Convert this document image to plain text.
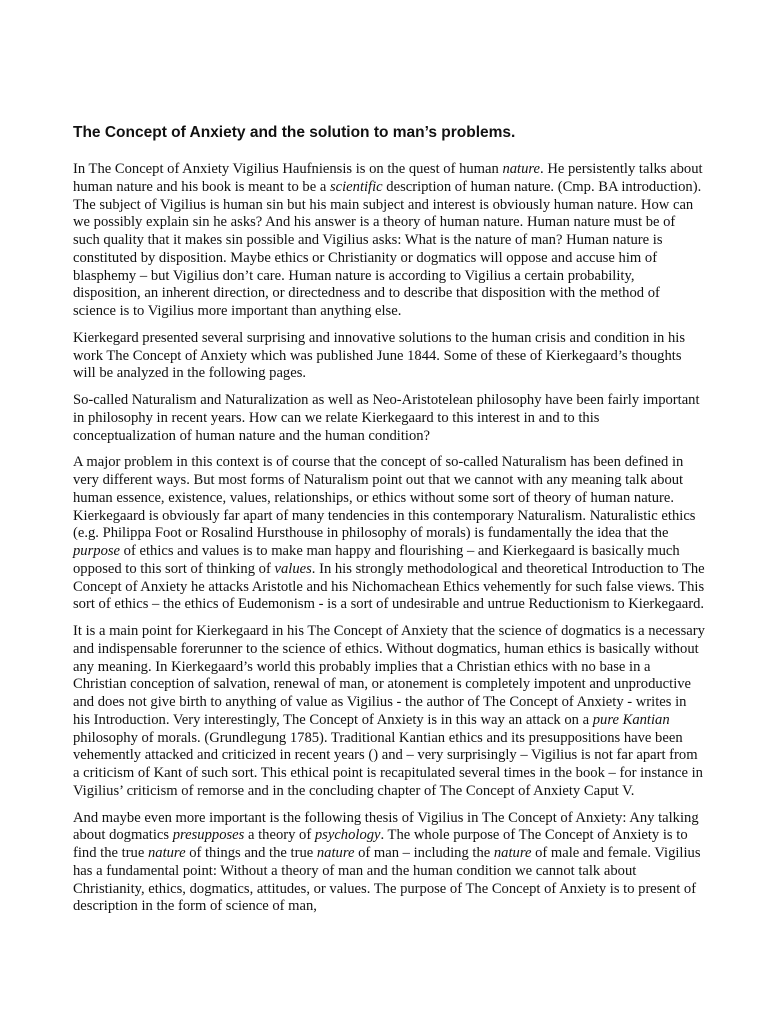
The Concept of Anxiety and the solution to man’s problems.

In The Concept of Anxiety Vigilius Haufniensis is on the quest of human nature. He persistently talks about human nature and his book is meant to be a scientific description of human nature. (Cmp. BA introduction). The subject of Vigilius is human sin but his main subject and interest is obviously human nature. How can we possibly explain sin he asks? And his answer is a theory of human nature. Human nature must be of such quality that it makes sin possible and Vigilius asks: What is the nature of man? Human nature is constituted by disposition. Maybe ethics or Christianity or dogmatics will oppose and accuse him of blasphemy – but Vigilius don’t care. Human nature is according to Vigilius a certain probability, disposition, an inherent direction, or directedness and to describe that disposition with the method of science is to Vigilius more important than anything else.

Kierkegard presented several surprising and innovative solutions to the human crisis and condition in his work The Concept of Anxiety which was published June 1844. Some of these of Kierkegaard’s thoughts will be analyzed in the following pages.

So-called Naturalism and Naturalization as well as Neo-Aristotelean philosophy have been fairly important in philosophy in recent years. How can we relate Kierkegaard to this interest in and to this conceptualization of human nature and the human condition?

A major problem in this context is of course that the concept of so-called Naturalism has been defined in very different ways. But most forms of Naturalism point out that we cannot with any meaning talk about human essence, existence, values, relationships, or ethics without some sort of theory of human nature. Kierkegaard is obviously far apart of many tendencies in this contemporary Naturalism. Naturalistic ethics (e.g. Philippa Foot or Rosalind Hursthouse in philosophy of morals) is fundamentally the idea that the purpose of ethics and values is to make man happy and flourishing – and Kierkegaard is basically much opposed to this sort of thinking of values. In his strongly methodological and theoretical Introduction to The Concept of Anxiety he attacks Aristotle and his Nichomachean Ethics vehemently for such false views. This sort of ethics – the ethics of Eudemonism - is a sort of undesirable and untrue Reductionism to Kierkegaard.

It is a main point for Kierkegaard in his The Concept of Anxiety that the science of dogmatics is a necessary and indispensable forerunner to the science of ethics. Without dogmatics, human ethics is basically without any meaning. In Kierkegaard’s world this probably implies that a Christian ethics with no base in a Christian conception of salvation, renewal of man, or atonement is completely impotent and unproductive and does not give birth to anything of value as Vigilius - the author of The Concept of Anxiety - writes in his Introduction. Very interestingly, The Concept of Anxiety is in this way an attack on a pure Kantian philosophy of morals. (Grundlegung 1785). Traditional Kantian ethics and its presuppositions have been vehemently attacked and criticized in recent years () and – very surprisingly – Vigilius is not far apart from a criticism of Kant of such sort. This ethical point is recapitulated several times in the book – for instance in Vigilius’ criticism of remorse and in the concluding chapter of The Concept of Anxiety Caput V.

And maybe even more important is the following thesis of Vigilius in The Concept of Anxiety: Any talking about dogmatics presupposes a theory of psychology. The whole purpose of The Concept of Anxiety is to find the true nature of things and the true nature of man – including the nature of male and female. Vigilius has a fundamental point: Without a theory of man and the human condition we cannot talk about Christianity, ethics, dogmatics, attitudes, or values. The purpose of The Concept of Anxiety is to present of description in the form of science of man,
